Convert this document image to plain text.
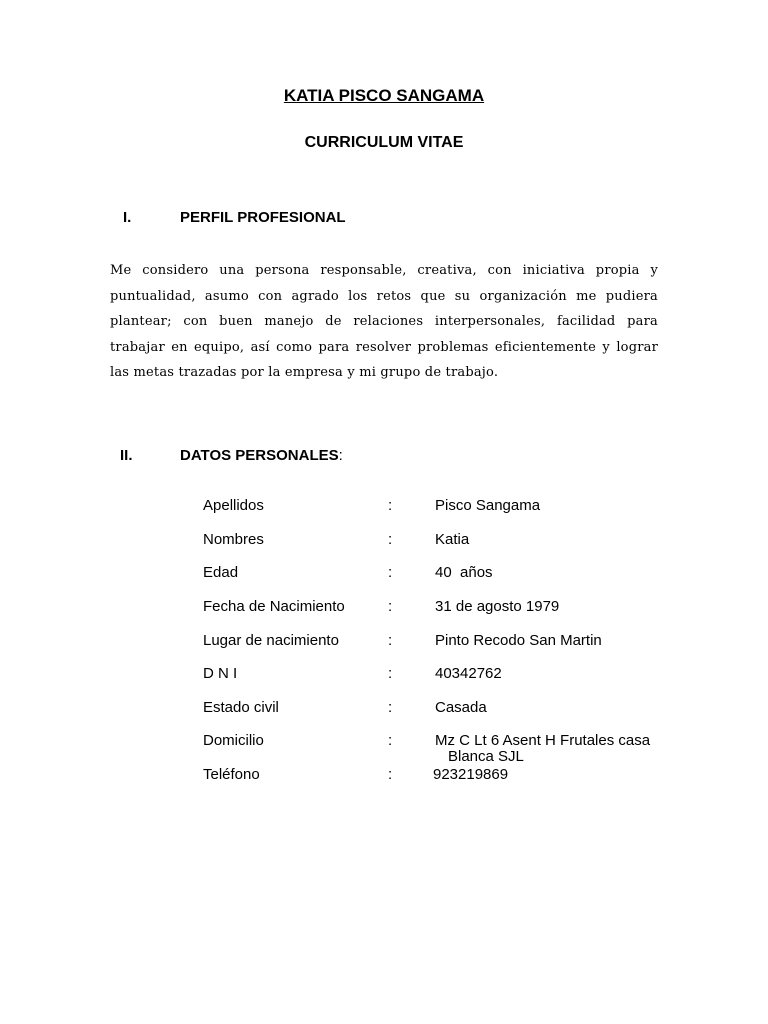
KATIA PISCO SANGAMA
CURRICULUM VITAE
I.	PERFIL PROFESIONAL
Me considero una persona responsable, creativa, con iniciativa propia y puntualidad, asumo con agrado los retos que su organización me pudiera plantear; con buen manejo de relaciones interpersonales, facilidad para trabajar en equipo, así como para resolver problemas eficientemente y lograr las metas trazadas por la empresa y mi grupo de trabajo.
II.	DATOS PERSONALES:
Apellidos	:	Pisco Sangama
Nombres	:	Katia
Edad	:	40  años
Fecha de Nacimiento	:	31 de agosto 1979
Lugar de nacimiento	:	Pinto Recodo San Martin
D N I	:	40342762
Estado civil	:	Casada
Domicilio	:	Mz C Lt 6 Asent H Frutales casa
Blanca SJL
Teléfono	:	923219869
